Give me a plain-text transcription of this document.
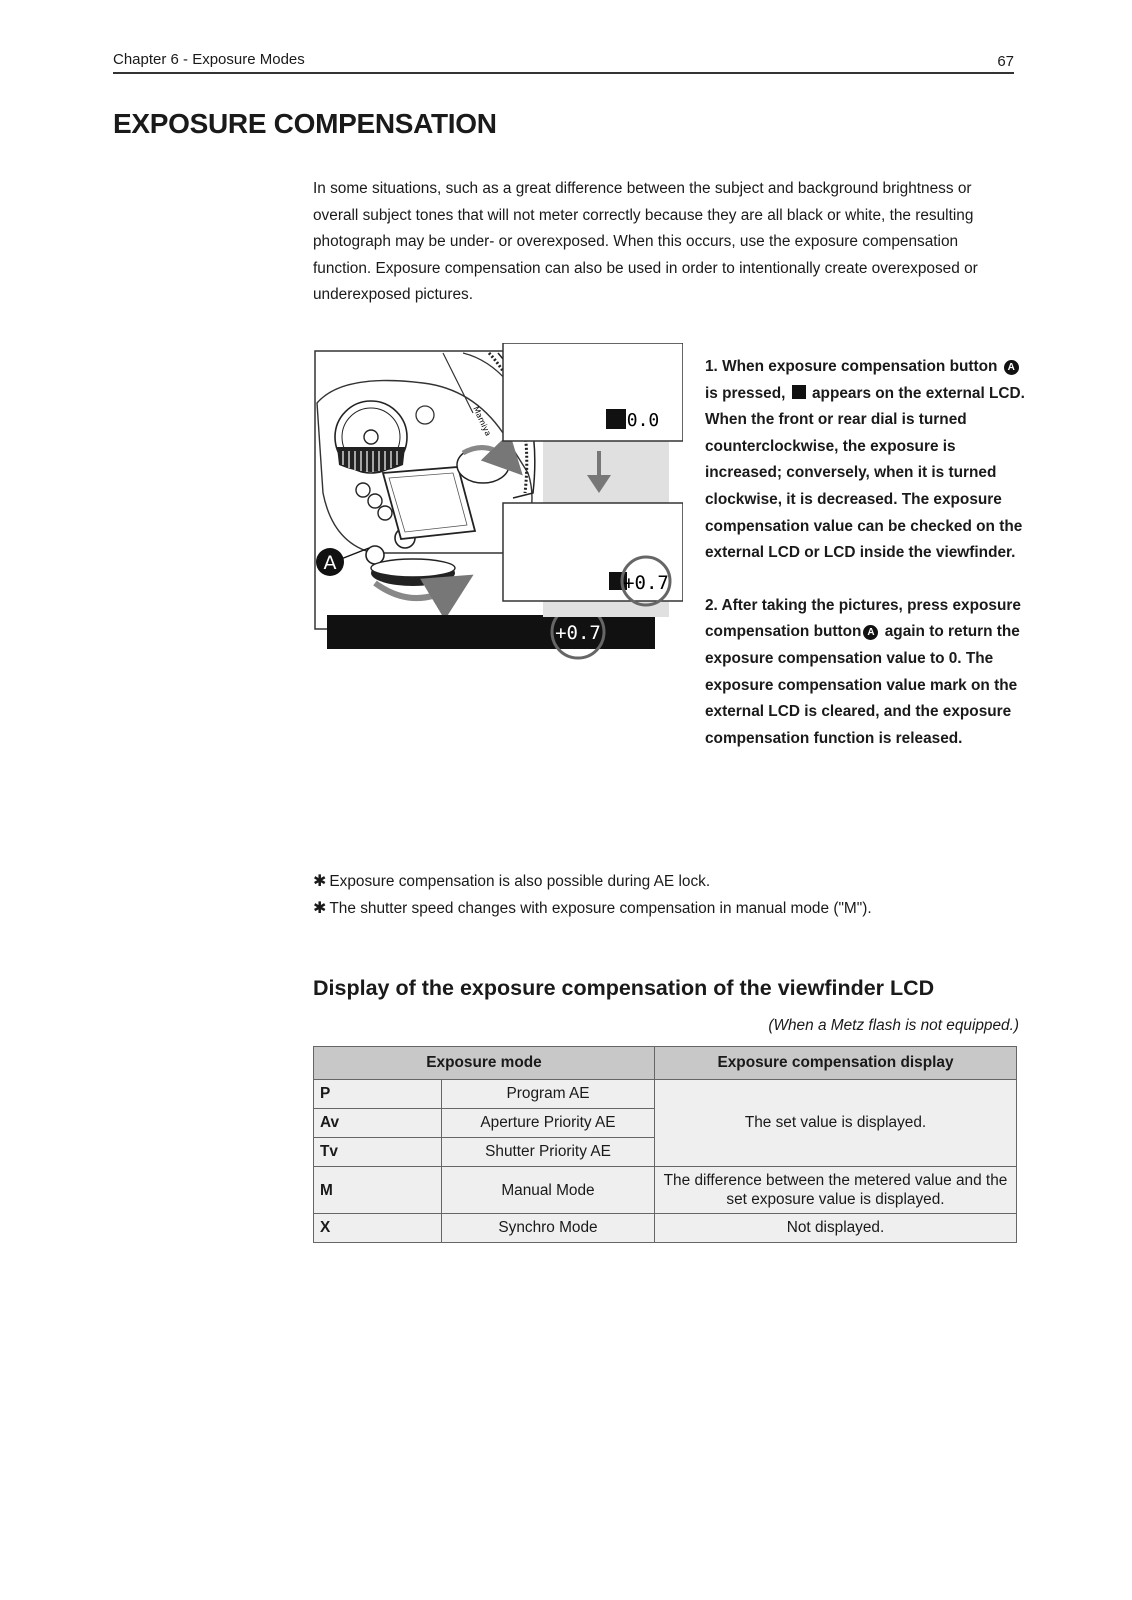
Chapter 6 - Exposure Modes	67
EXPOSURE COMPENSATION

In some situations, such as a great difference between the subject and background brightness or overall subject tones that will not meter correctly because they are all black or white, the resulting photograph may be under- or overexposed. When this occurs, use the exposure compensation function. Exposure compensation can also be used in order to intentionally create overexposed or underexposed pictures.

Mamiya
A
+0.7
0.0
+0.7

1. When exposure compensation button A is pressed,  appears on the external LCD. When the front or rear dial is turned counterclockwise, the exposure is increased; conversely, when it is turned clockwise, it is decreased. The exposure compensation value can be checked on the external LCD or LCD inside the viewfinder.

2. After taking the pictures, press exposure compensation button A again to return the exposure compensation value to 0. The exposure compensation value mark on the external LCD is cleared, and the exposure compensation function is released.

✱ Exposure compensation is also possible during AE lock.
✱ The shutter speed changes with exposure compensation in manual mode ("M").
Display of the exposure compensation of the viewfinder LCD
(When a Metz flash is not equipped.)
Exposure mode		Exposure compensation display
P	Program AE	The set value is displayed.
Av	Aperture Priority AE	
Tv	Shutter Priority AE	
M	Manual Mode	The difference between the metered value and the set exposure value is displayed.
X	Synchro Mode	Not displayed.
